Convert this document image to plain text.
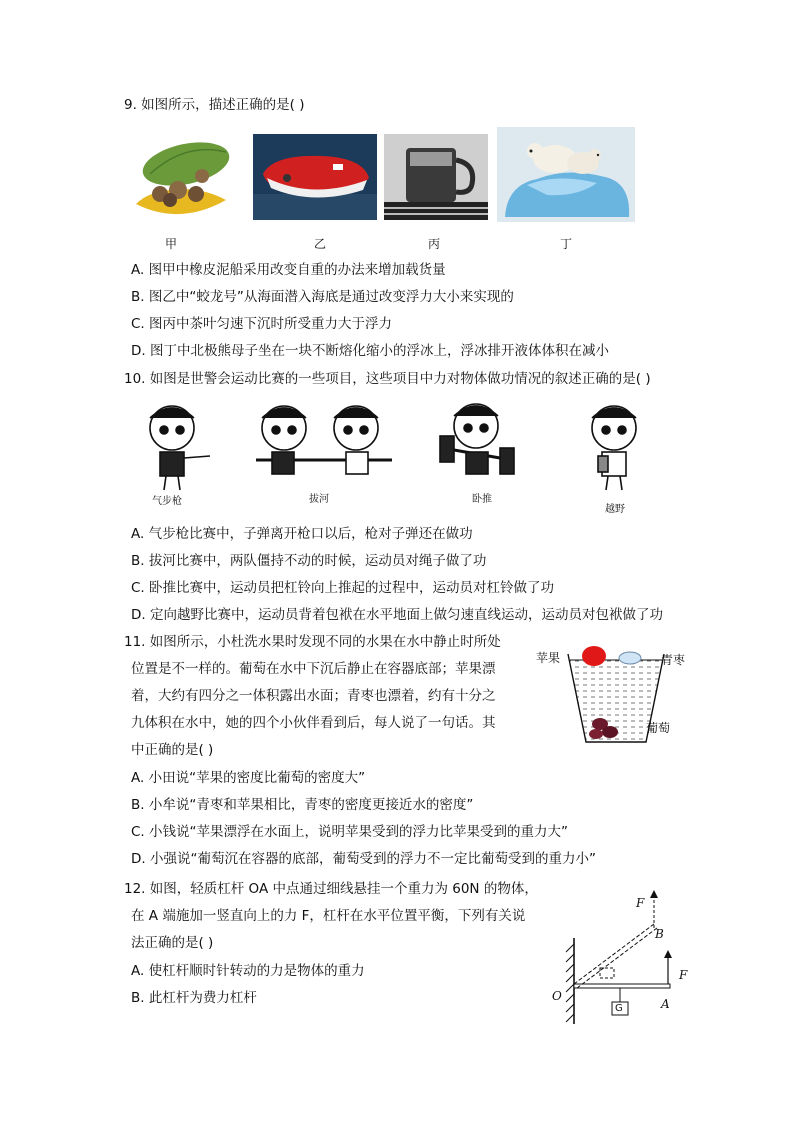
9. 如图所示，描述正确的是( )
甲	乙	丙	丁
A. 图甲中橡皮泥船采用改变自重的办法来增加载货量
B. 图乙中“蛟龙号”从海面潜入海底是通过改变浮力大小来实现的
C. 图丙中茶叶匀速下沉时所受重力大于浮力
D. 图丁中北极熊母子坐在一块不断熔化缩小的浮冰上，浮冰排开液体体积在减小
10. 如图是世警会运动比赛的一些项目，这些项目中力对物体做功情况的叙述正确的是( )
气步枪	拔河	卧推
越野
A. 气步枪比赛中，子弹离开枪口以后，枪对子弹还在做功
B. 拔河比赛中，两队僵持不动的时候，运动员对绳子做了功
C. 卧推比赛中，运动员把杠铃向上推起的过程中，运动员对杠铃做了功
D. 定向越野比赛中，运动员背着包袱在水平地面上做匀速直线运动，运动员对包袱做了功
11. 如图所示，小杜洗水果时发现不同的水果在水中静止时所处
位置是不一样的。葡萄在水中下沉后静止在容器底部；苹果漂
着，大约有四分之一体积露出水面；青枣也漂着，约有十分之
九体积在水中，她的四个小伙伴看到后，每人说了一句话。其
中正确的是( )
苹果	青枣
葡萄
A. 小田说“苹果的密度比葡萄的密度大”
B. 小牟说“青枣和苹果相比，青枣的密度更接近水的密度”
C. 小钱说“苹果漂浮在水面上，说明苹果受到的浮力比苹果受到的重力大”
D. 小强说“葡萄沉在容器的底部，葡萄受到的浮力不一定比葡萄受到的重力小”
12. 如图，轻质杠杆 OA 中点通过细线悬挂一个重力为 60N 的物体，
在 A 端施加一竖直向上的力 F，杠杆在水平位置平衡，下列有关说
法正确的是( )
F
B
F
O
A
G
A. 使杠杆顺时针转动的力是物体的重力
B. 此杠杆为费力杠杆
